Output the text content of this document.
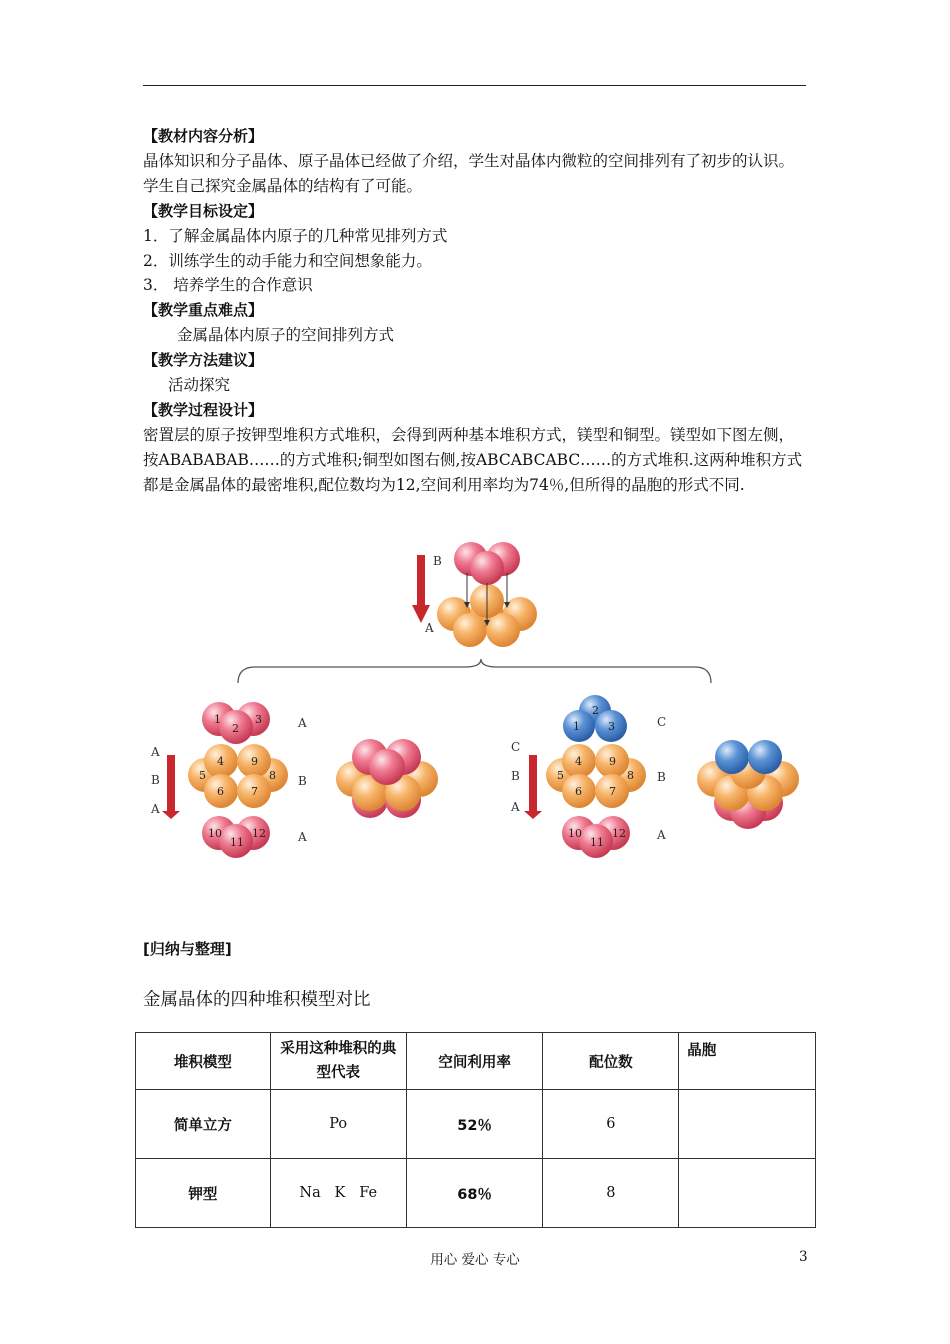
【教材内容分析】

晶体知识和分子晶体、原子晶体已经做了介绍，学生对晶体内微粒的空间排列有了初步的认识。学生自己探究金属晶体的结构有了可能。

【教学目标设定】

1．了解金属晶体内原子的几种常见排列方式

2．训练学生的动手能力和空间想象能力。

3． 培养学生的合作意识

【教学重点难点】

金属晶体内原子的空间排列方式

【教学方法建议】

活动探究

【教学过程设计】

密置层的原子按钾型堆积方式堆积，会得到两种基本堆积方式，镁型和铜型。镁型如下图左侧，按ABABABAB……的方式堆积;铜型如图右侧,按ABCABCABC……的方式堆积.这两种堆积方式都是金属晶体的最密堆积,配位数均为12,空间利用率均为74％,但所得的晶胞的形式不同.

B
A
A
B
A
A
B
A
1
2
3
4 9
5	8
6 7
10
11
12
C
B
A
C
B
A
1
2
3
4 9
5	8
6 7
10
11
12
[归纳与整理]
金属晶体的四种堆积模型对比
堆积模型	采用这种堆积的典型代表	空间利用率	配位数	晶胞
简单立方	Po	52％	6	
钾型	Na   K   Fe	68％	8	
用心 爱心 专心	3
